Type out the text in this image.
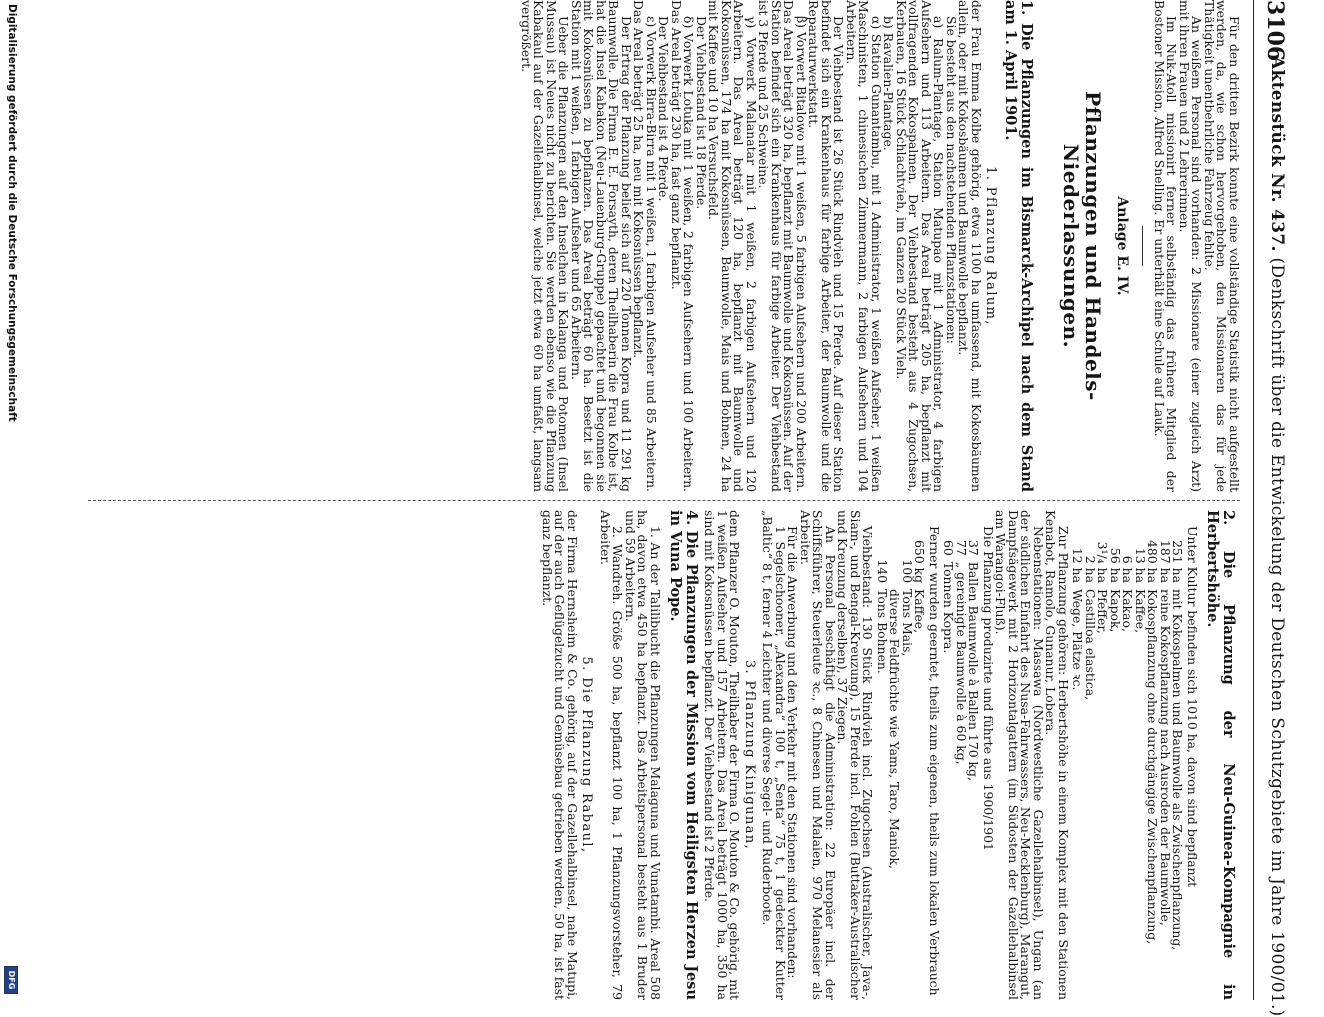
3106
Aktenstück Nr. 437. (Denkschrift über die Entwickelung der Deutschen Schutzgebiete im Jahre 1900/01.)

Für den dritten Bezirk konnte eine vollständige Statistik nicht aufgestellt werden, da, wie schon hervorgehoben, den Missionaren das für jede Thätigkeit unentbehrliche Fahrzeug fehlte.

An weißem Personal sind vorhanden: 2 Missionare (einer zugleich Arzt) mit ihren Frauen und 2 Lehrerinnen.

Im Nuk-Atoll missionirt ferner selbständig das frühere Mitglied der Bostoner Mission, Alfred Snelling. Er unterhält eine Schule auf Lauk.

Anlage E. IV.
Pflanzungen und Handels-Niederlassungen.

1. Die Pflanzungen im Bismarck-Archipel nach dem Stand am 1. April 1901.

1. Pflanzung Ralum,

der Frau Emma Kolbe gehörig, etwa 1100 ha umfassend, mit Kokosbäumen allein, oder mit Kokosbäumen und Baumwolle bepflanzt.

Sie besteht aus den nachstehenden Pflanzstationen:

a) Ralum-Plantage, Station Matupao mit 1 Administrator, 4 farbigen Aufsehern und 113 Arbeitern. Das Areal beträgt 205 ha, bepflanzt mit vollfragenden Kokospalmen. Der Viehbestand besteht aus 4 Zugochsen, Kerbauen, 16 Stück Schlachtvieh, im Ganzen 20 Stück Vieh.

b) Ravalien-Plantage.

α) Station Gunantambu, mit 1 Administrator, 1 weißen Aufseher, 1 weißen Maschinisten, 1 chinesischen Zimmermann, 2 farbigen Aufsehern und 104 Arbeitern.

Der Viehbestand ist 26 Stück Rindvieh und 15 Pferde. Auf dieser Station befindet sich ein Krankenhaus für farbige Arbeiter, der Baumwolle und die Reparaturwerkstatt.

β) Vorwert Bitalowo mit 1 weißen, 5 farbigen Aufsehern und 200 Arbeitern. Das Areal beträgt 320 ha, bepflanzt mit Baumwolle und Kokosnüssen. Auf der Station befindet sich ein Krankenhaus für farbige Arbeiter. Der Viehbestand ist 3 Pferde und 25 Schweine.

γ) Vorwerk Malanatar mit 1 weißen, 2 farbigen Aufsehern und 120 Arbeitern. Das Areal beträgt 120 ha, bepflanzt mit Baumwolle und Kokosnüssen, 174 ha mit Kokosnüssen, Baumwolle, Mais und Bohnen, 24 ha mit Kaffee und 10 ha Versuchsfeld.

Der Viehbestand ist 18 Pferde.

δ) Vorwerk Lotuka mit 1 weißen, 2 farbigen Aufsehern und 100 Arbeitern. Das Areal beträgt 230 ha, fast ganz bepflanzt.

Der Viehbestand ist 4 Pferde.

ε) Vorwerk Birra-Birra mit 1 weißen, 1 farbigen Aufseher und 85 Arbeitern. Das Areal beträgt 25 ha, neu mit Kokosnüssen bepflanzt.

Der Ertrag der Pflanzung belief sich auf 220 Tonnen Kopra und 11 291 kg Baumwolle. Die Firma E. E. Forsayth, deren Theilhaberin die Frau Kolbe ist, hat die Insel Kabakon (Neu-Lauenburg-Gruppe) gepachtet und begonnen sie mit Kokosnüssen zu bepflanzen. Das Areal beträgt 60 ha. Besetzt ist die Station mit 1 weißen, 1 farbigen Aufseher und 65 Arbeitern.

Ueber die Pflanzungen auf den Inselchen in Kalanga und Potomen (Insel Mussau) ist Neues nicht zu berichten. Sie werden ebenso wie die Pflanzung Kabakaul auf der Gazellehalbinsel, welche jetzt etwa 60 ha umfaßt, langsam vergrößert.

2. Die Pflanzung der Neu-Guinea-Kompagnie in Herbertshöhe.

Unter Kultur befinden sich 1010 ha, davon sind bepflanzt

251 ha	mit Kokospalmen und Baumwolle als Zwischenpflanzung,
187 ha	reine Kokospflanzung nach Ausroden der Baumwolle,
480 ha	Kokospflanzung ohne durchgängige Zwischenpflanzung,
13 ha	Kaffee,
6 ha	Kakao,
56 ha	Kapok,
3¹/₄ ha	Pfeffer,
2 ha	Castilloa elastica,
12 ha	Wege, Plätze ꝛc.

Zur Pflanzung gehören: Herbertshöhe in einem Komplex mit den Stationen Kenabot, Ramolo, Gunanur, Lobera.

Nebenstationen: Massawa (Nordwestliche Gazellehalbinsel), Ungan (an der südlichen Einfahrt des Nusa-Fahrwassers, Neu-Mecklenburg), Marangut, Dampfsägewerk mit 2 Horizontalgattern (im Südosten der Gazellehalbinsel am Warangoi-Fluß).

Die Pflanzung produzirte und führte aus 1900/1901

37	Ballen Baumwolle à Ballen 170 kg,
77	„ gereinigte Baumwolle à 60 kg,
60	Tonnen Kopra.

Ferner wurden geerntet, theils zum eigenen, theils zum lokalen Verbrauch

650 kg	Kaffee,
100	Tons Mais,
	diverse Feldfrüchte wie Yams, Taro, Maniok,
140	Tons Bohnen.

Viehbestand: 130 Stück Rindvieh incl. Zugochsen (Australischer, Java-, Siam-, und Bengal-Kreuzung), 15 Pferde incl. Fohlen (Buttaker-Australischer und Kreuzung derselben), 37 Ziegen.

An Personal beschäftigt die Administration: 22 Europäer incl. der Schiffsführer, Steuerleute ꝛc., 8 Chinesen und Malaien, 970 Melanesier als Arbeiter.

Für die Anwerbung und den Verkehr mit den Stationen sind vorhanden:

1 Segelschooner, „Alexandra“ 100 t, „Senta“ 75 t, 1 gedeckter Kutter „Baltic“ 8 t, ferner 4 Leichter und diverse Segel- und Ruderboote.

3. Pflanzung Kinigunan,

dem Pflanzer O. Mouton, Theilhaber der Firma O. Mouton & Co. gehörig, mit 1 weißen Aufseher und 157 Arbeitern. Das Areal beträgt 1000 ha, 350 ha sind mit Kokosnüssen bepflanzt. Der Viehbestand ist 2 Pferde.

4. Die Pflanzungen der Mission vom Heiligsten Herzen Jesu in Vuna Pope.

1. An der Talilibucht die Pflanzungen Malaguna und Vunatambi. Areal 508 ha, davon etwa 450 ha bepflanzt. Das Arbeitspersonal besteht aus 1 Bruder und 59 Arbeitern.

2. Wandreh. Größe 500 ha, bepflanzt 100 ha, 1 Pflanzungsvorsteher, 79 Arbeiter.

5. Die Pflanzung Rabaul,

der Firma Hernsheim & Co. gehörig, auf der Gazellehalbinsel, nahe Matupi, auf der auch Geflügelzucht und Gemüsebau getrieben werden, 50 ha, ist fast ganz bepflanzt.

Digitalisierung gefördert durch die Deutsche Forschungsgemeinschaft
DFG
